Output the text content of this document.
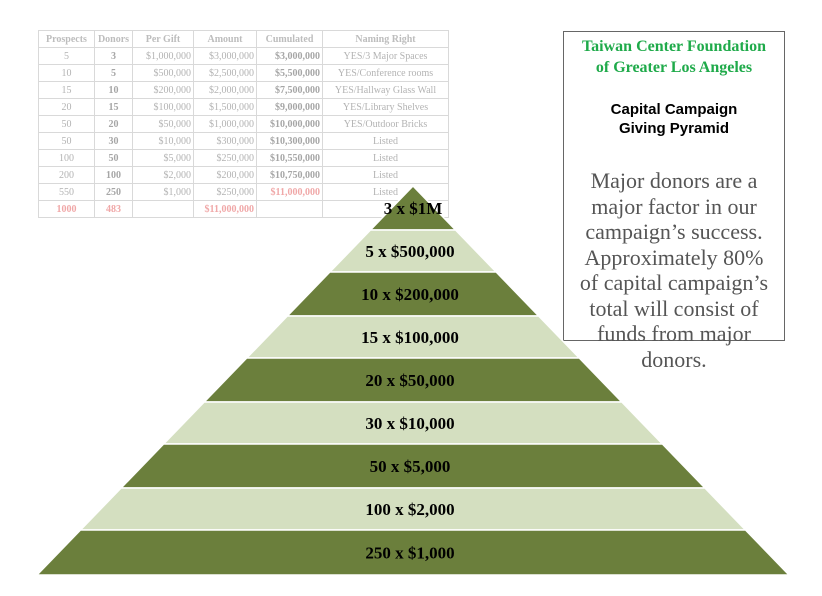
Prospects	Donors	Per Gift	Amount	Cumulated	Naming Right
5	3	$1,000,000	$3,000,000	$3,000,000	YES/3 Major Spaces
10	5	$500,000	$2,500,000	$5,500,000	YES/Conference rooms
15	10	$200,000	$2,000,000	$7,500,000	YES/Hallway Glass Wall
20	15	$100,000	$1,500,000	$9,000,000	YES/Library Shelves
50	20	$50,000	$1,000,000	$10,000,000	YES/Outdoor Bricks
50	30	$10,000	$300,000	$10,300,000	Listed
100	50	$5,000	$250,000	$10,550,000	Listed
200	100	$2,000	$200,000	$10,750,000	Listed
550	250	$1,000	$250,000	$11,000,000	Listed
1000	483		$11,000,000		
Taiwan Center Foundation
of Greater Los Angeles
Capital Campaign
Giving Pyramid
Major donors are a
major factor in our
campaign’s success.
Approximately 80%
of capital campaign’s
total will consist of
funds from major
donors.
3 x $1M
5 x $500,000
10 x $200,000
15 x $100,000
20 x $50,000
30 x $10,000
50 x $5,000
100 x $2,000
250 x $1,000
